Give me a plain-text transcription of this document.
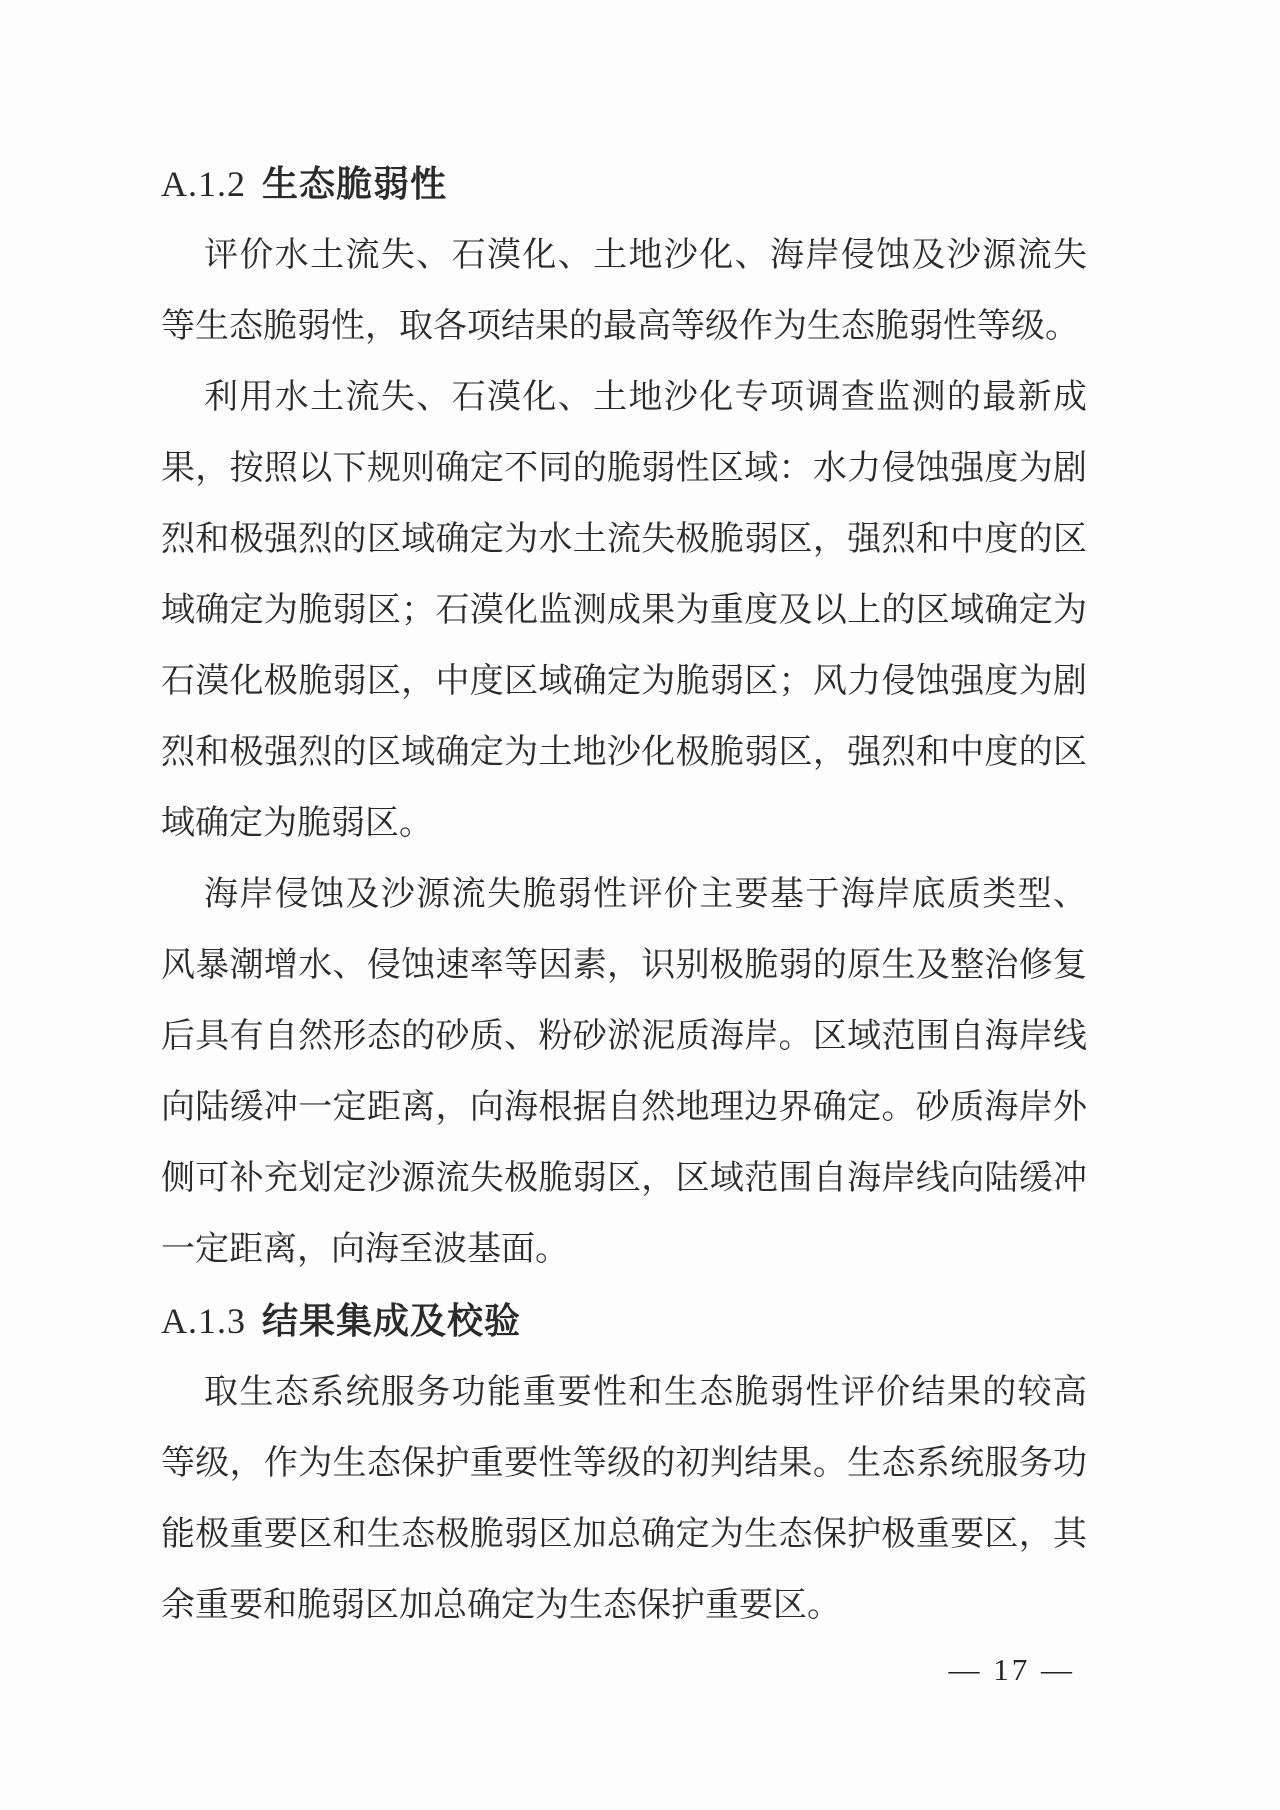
A.1.2 生态脆弱性

评价水土流失、石漠化、土地沙化、海岸侵蚀及沙源流失等生态脆弱性，取各项结果的最高等级作为生态脆弱性等级。

利用水土流失、石漠化、土地沙化专项调查监测的最新成果，按照以下规则确定不同的脆弱性区域：水力侵蚀强度为剧烈和极强烈的区域确定为水土流失极脆弱区，强烈和中度的区域确定为脆弱区；石漠化监测成果为重度及以上的区域确定为石漠化极脆弱区，中度区域确定为脆弱区；风力侵蚀强度为剧烈和极强烈的区域确定为土地沙化极脆弱区，强烈和中度的区域确定为脆弱区。

海岸侵蚀及沙源流失脆弱性评价主要基于海岸底质类型、风暴潮增水、侵蚀速率等因素，识别极脆弱的原生及整治修复后具有自然形态的砂质、粉砂淤泥质海岸。区域范围自海岸线向陆缓冲一定距离，向海根据自然地理边界确定。砂质海岸外侧可补充划定沙源流失极脆弱区，区域范围自海岸线向陆缓冲一定距离，向海至波基面。

A.1.3 结果集成及校验

取生态系统服务功能重要性和生态脆弱性评价结果的较高等级，作为生态保护重要性等级的初判结果。生态系统服务功能极重要区和生态极脆弱区加总确定为生态保护极重要区，其余重要和脆弱区加总确定为生态保护重要区。

— 17 —
